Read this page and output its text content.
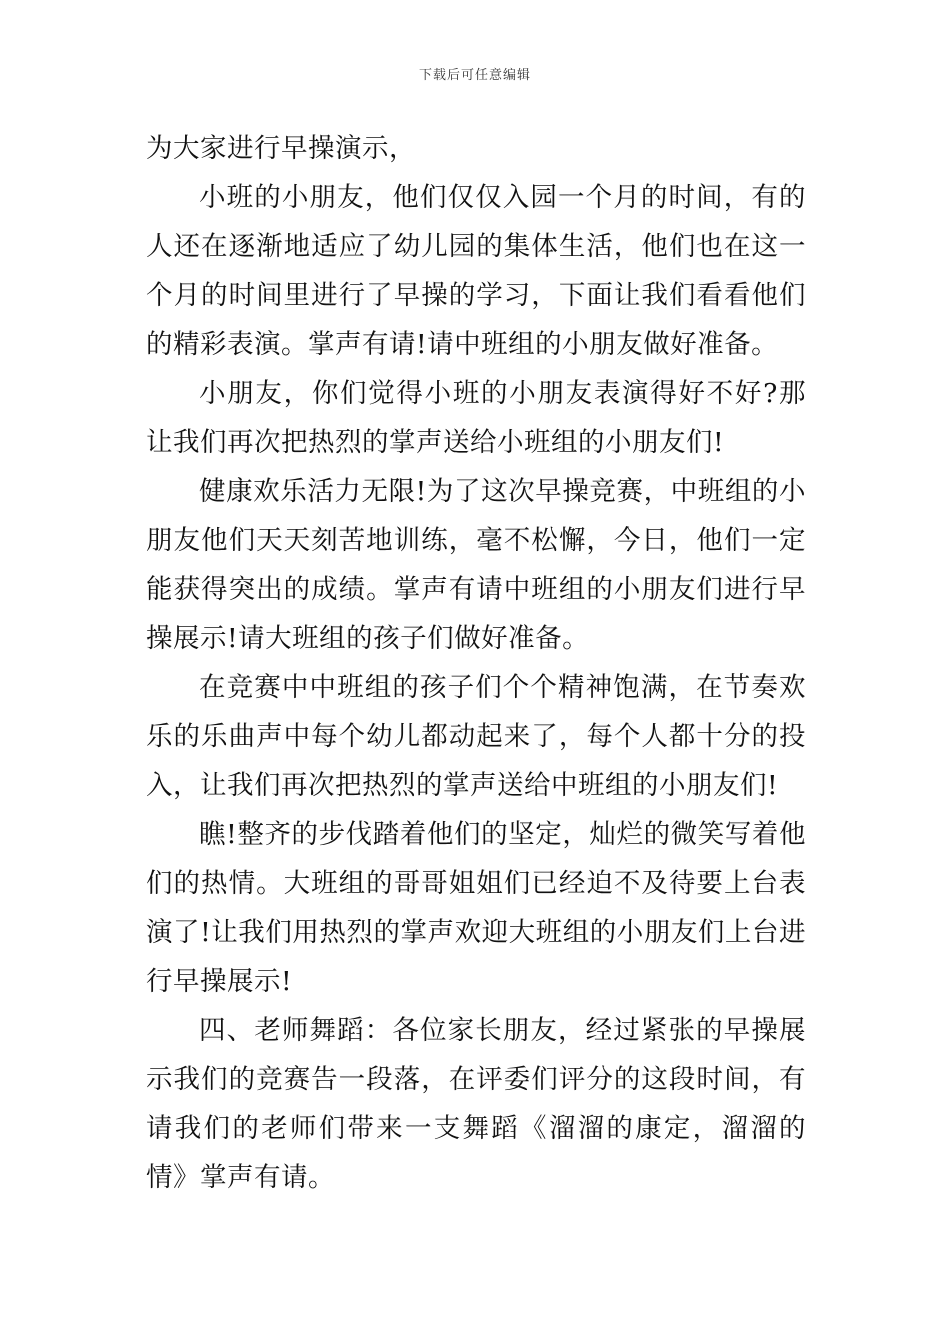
下载后可任意编辑

为大家进行早操演示，

小班的小朋友，他们仅仅入园一个月的时间，有的人还在逐渐地适应了幼儿园的集体生活，他们也在这一个月的时间里进行了早操的学习，下面让我们看看他们的精彩表演。掌声有请!请中班组的小朋友做好准备。

小朋友，你们觉得小班的小朋友表演得好不好?那让我们再次把热烈的掌声送给小班组的小朋友们!

健康欢乐活力无限!为了这次早操竞赛，中班组的小朋友他们天天刻苦地训练，毫不松懈，今日，他们一定能获得突出的成绩。掌声有请中班组的小朋友们进行早操展示!请大班组的孩子们做好准备。

在竞赛中中班组的孩子们个个精神饱满，在节奏欢乐的乐曲声中每个幼儿都动起来了，每个人都十分的投入，让我们再次把热烈的掌声送给中班组的小朋友们!

瞧!整齐的步伐踏着他们的坚定，灿烂的微笑写着他们的热情。大班组的哥哥姐姐们已经迫不及待要上台表演了!让我们用热烈的掌声欢迎大班组的小朋友们上台进行早操展示!

四、老师舞蹈：各位家长朋友，经过紧张的早操展示我们的竞赛告一段落，在评委们评分的这段时间，有请我们的老师们带来一支舞蹈《溜溜的康定，溜溜的情》掌声有请。
